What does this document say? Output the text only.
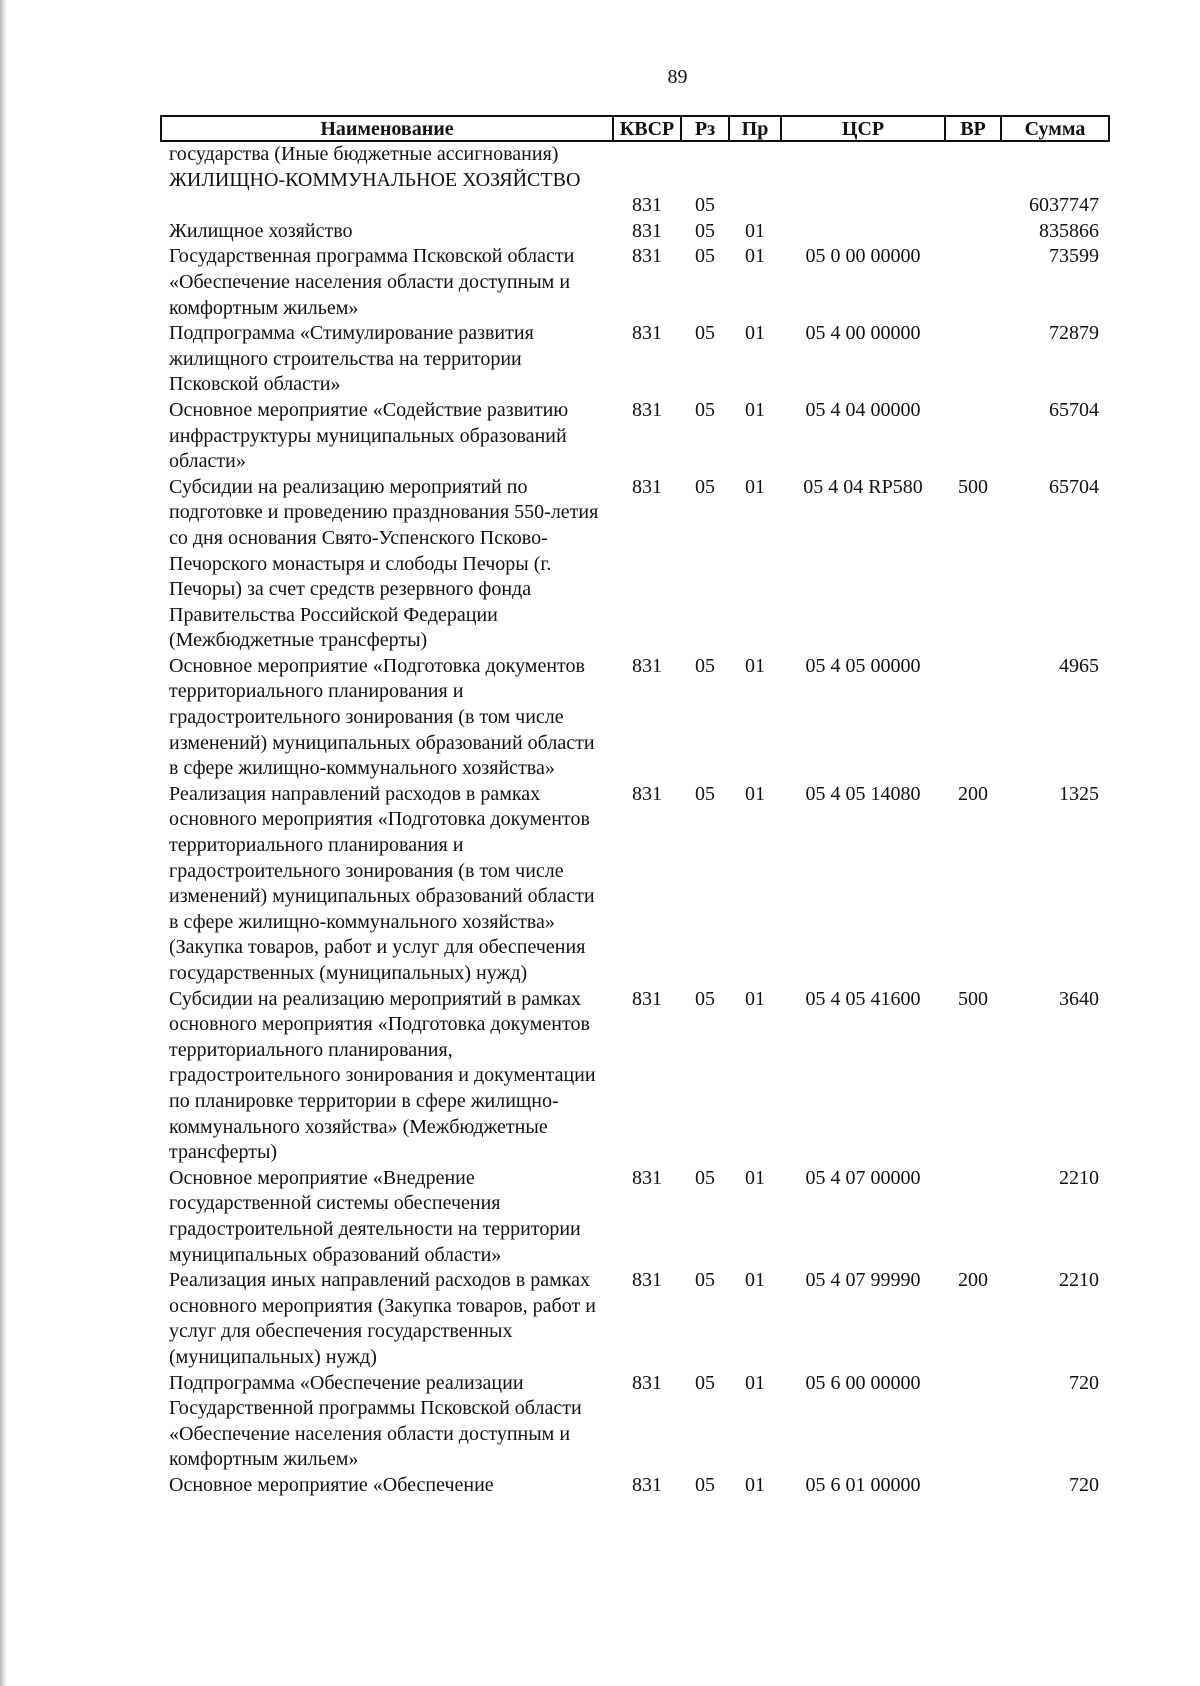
89
Наименование	КВСР	Рз	Пр	ЦСР	ВР	Сумма
государства (Иные бюджетные ассигнования)						
ЖИЛИЩНО-КОММУНАЛЬНОЕ ХОЗЯЙСТВО	831	05				6037747
Жилищное хозяйство	831	05	01			835866
Государственная программа Псковской области «Обеспечение населения области доступным и комфортным жильем»	831	05	01	05 0 00 00000		73599
Подпрограмма «Стимулирование развития жилищного строительства на территории Псковской области»	831	05	01	05 4 00 00000		72879
Основное мероприятие «Содействие развитию инфраструктуры муниципальных образований области»	831	05	01	05 4 04 00000		65704
Субсидии на реализацию мероприятий по подготовке и проведению празднования 550-летия со дня основания Свято-Успенского Псково-Печорского монастыря и слободы Печоры (г. Печоры) за счет средств резервного фонда Правительства Российской Федерации (Межбюджетные трансферты)	831	05	01	05 4 04 RP580	500	65704
Основное мероприятие «Подготовка документов территориального планирования и градостроительного зонирования (в том числе изменений) муниципальных образований области в сфере жилищно-коммунального хозяйства»	831	05	01	05 4 05 00000		4965
Реализация направлений расходов в рамках основного мероприятия «Подготовка документов территориального планирования и градостроительного зонирования (в том числе изменений) муниципальных образований области в сфере жилищно-коммунального хозяйства» (Закупка товаров, работ и услуг для обеспечения государственных (муниципальных) нужд)	831	05	01	05 4 05 14080	200	1325
Субсидии на реализацию мероприятий в рамках основного мероприятия «Подготовка документов территориального планирования, градостроительного зонирования и документации по планировке территории в сфере жилищно-коммунального хозяйства» (Межбюджетные трансферты)	831	05	01	05 4 05 41600	500	3640
Основное мероприятие «Внедрение государственной системы обеспечения градостроительной деятельности на территории муниципальных образований области»	831	05	01	05 4 07 00000		2210
Реализация иных направлений расходов в рамках основного мероприятия (Закупка товаров, работ и услуг для обеспечения государственных (муниципальных) нужд)	831	05	01	05 4 07 99990	200	2210
Подпрограмма «Обеспечение реализации Государственной программы Псковской области «Обеспечение населения области доступным и комфортным жильем»	831	05	01	05 6 00 00000		720
Основное мероприятие «Обеспечение	831	05	01	05 6 01 00000		720
